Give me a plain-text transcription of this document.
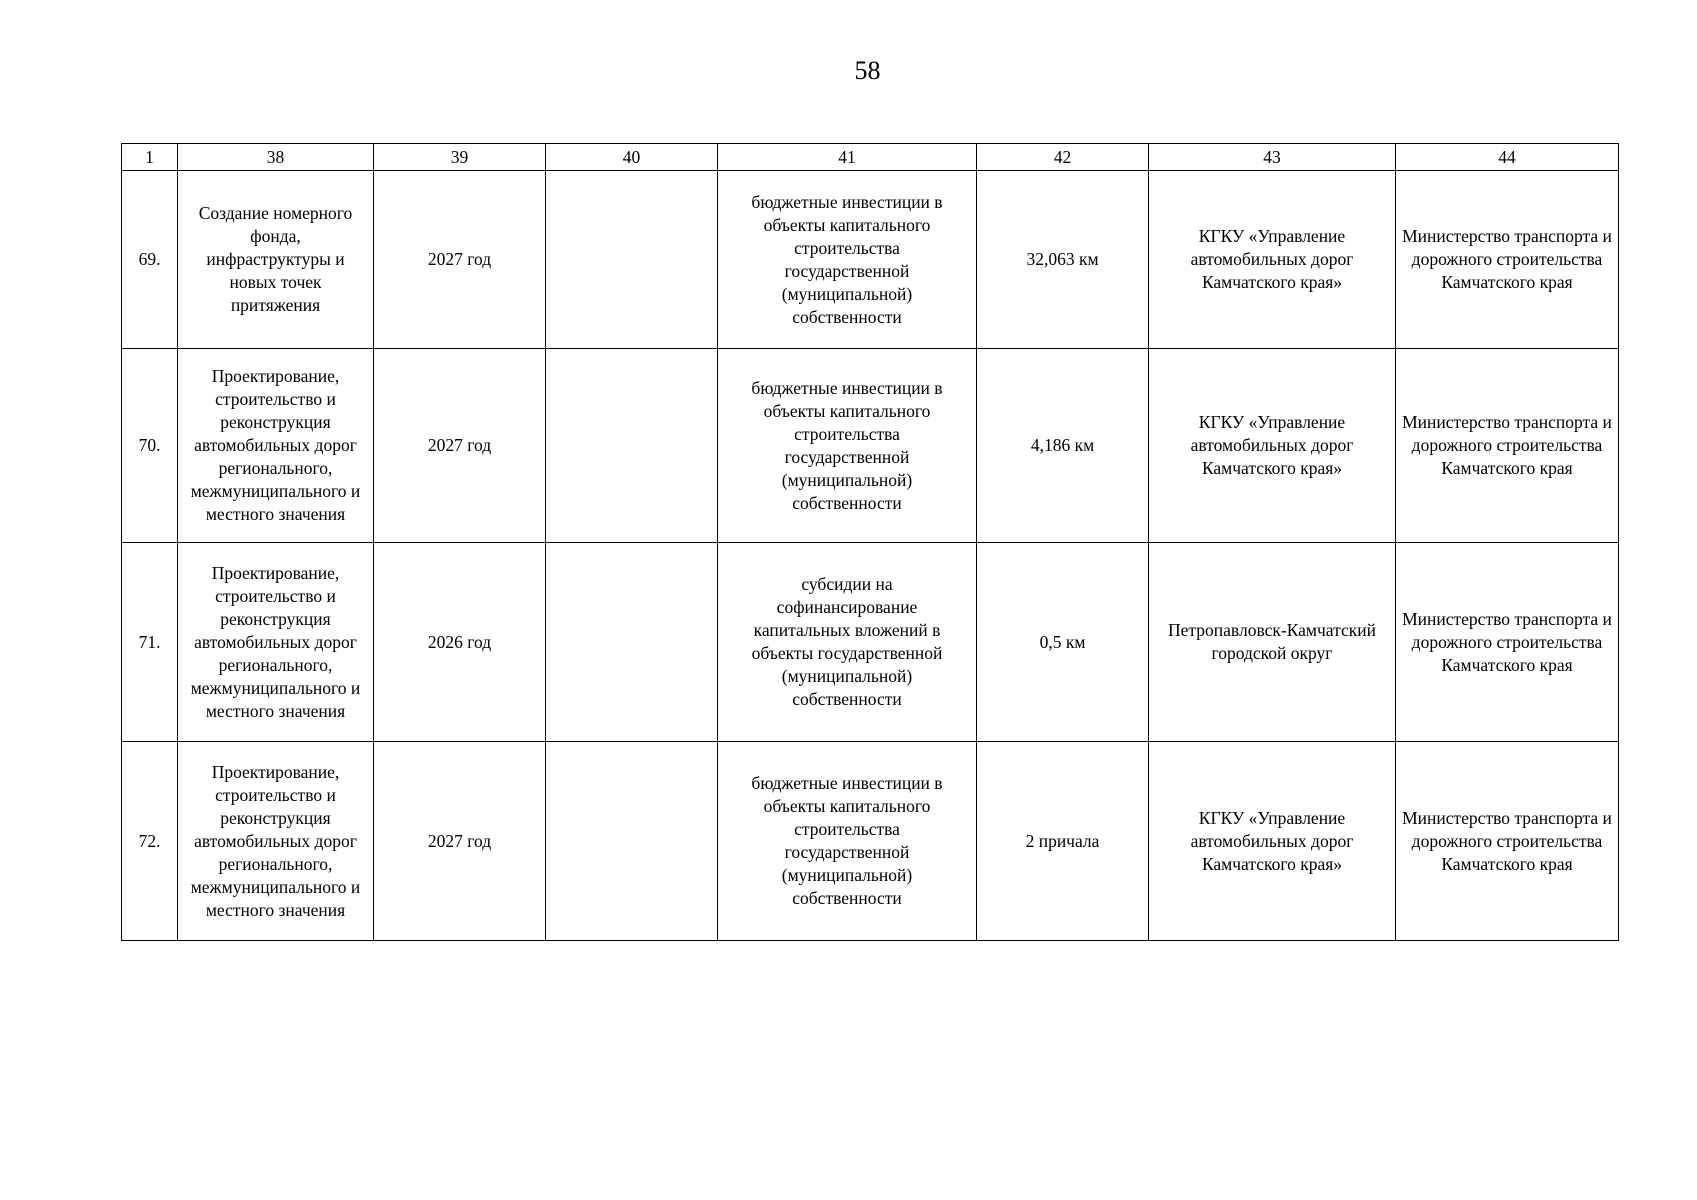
58
1	38	39	40	41	42	43	44
69.	Создание номерного фонда, инфраструктуры и новых точек притяжения	2027 год		бюджетные инвестиции в объекты капитального строительства государственной (муниципальной) собственности	32,063 км	КГКУ «Управление автомобильных дорог Камчатского края»	Министерство транспорта и дорожного строительства Камчатского края

70.	Проектирование, строительство и реконструкция автомобильных дорог регионального, межмуниципального и местного значения	2027 год		бюджетные инвестиции в объекты капитального строительства государственной (муниципальной) собственности	4,186 км	КГКУ «Управление автомобильных дорог Камчатского края»	Министерство транспорта и дорожного строительства Камчатского края

71.	Проектирование, строительство и реконструкция автомобильных дорог регионального, межмуниципального и местного значения	2026 год		субсидии на софинансирование капитальных вложений в объекты государственной (муниципальной) собственности	0,5 км	Петропавловск-Камчатский городской округ	Министерство транспорта и дорожного строительства Камчатского края

72.	Проектирование, строительство и реконструкция автомобильных дорог регионального, межмуниципального и местного значения	2027 год		бюджетные инвестиции в объекты капитального строительства государственной (муниципальной) собственности	2 причала	КГКУ «Управление автомобильных дорог Камчатского края»	Министерство транспорта и дорожного строительства Камчатского края
